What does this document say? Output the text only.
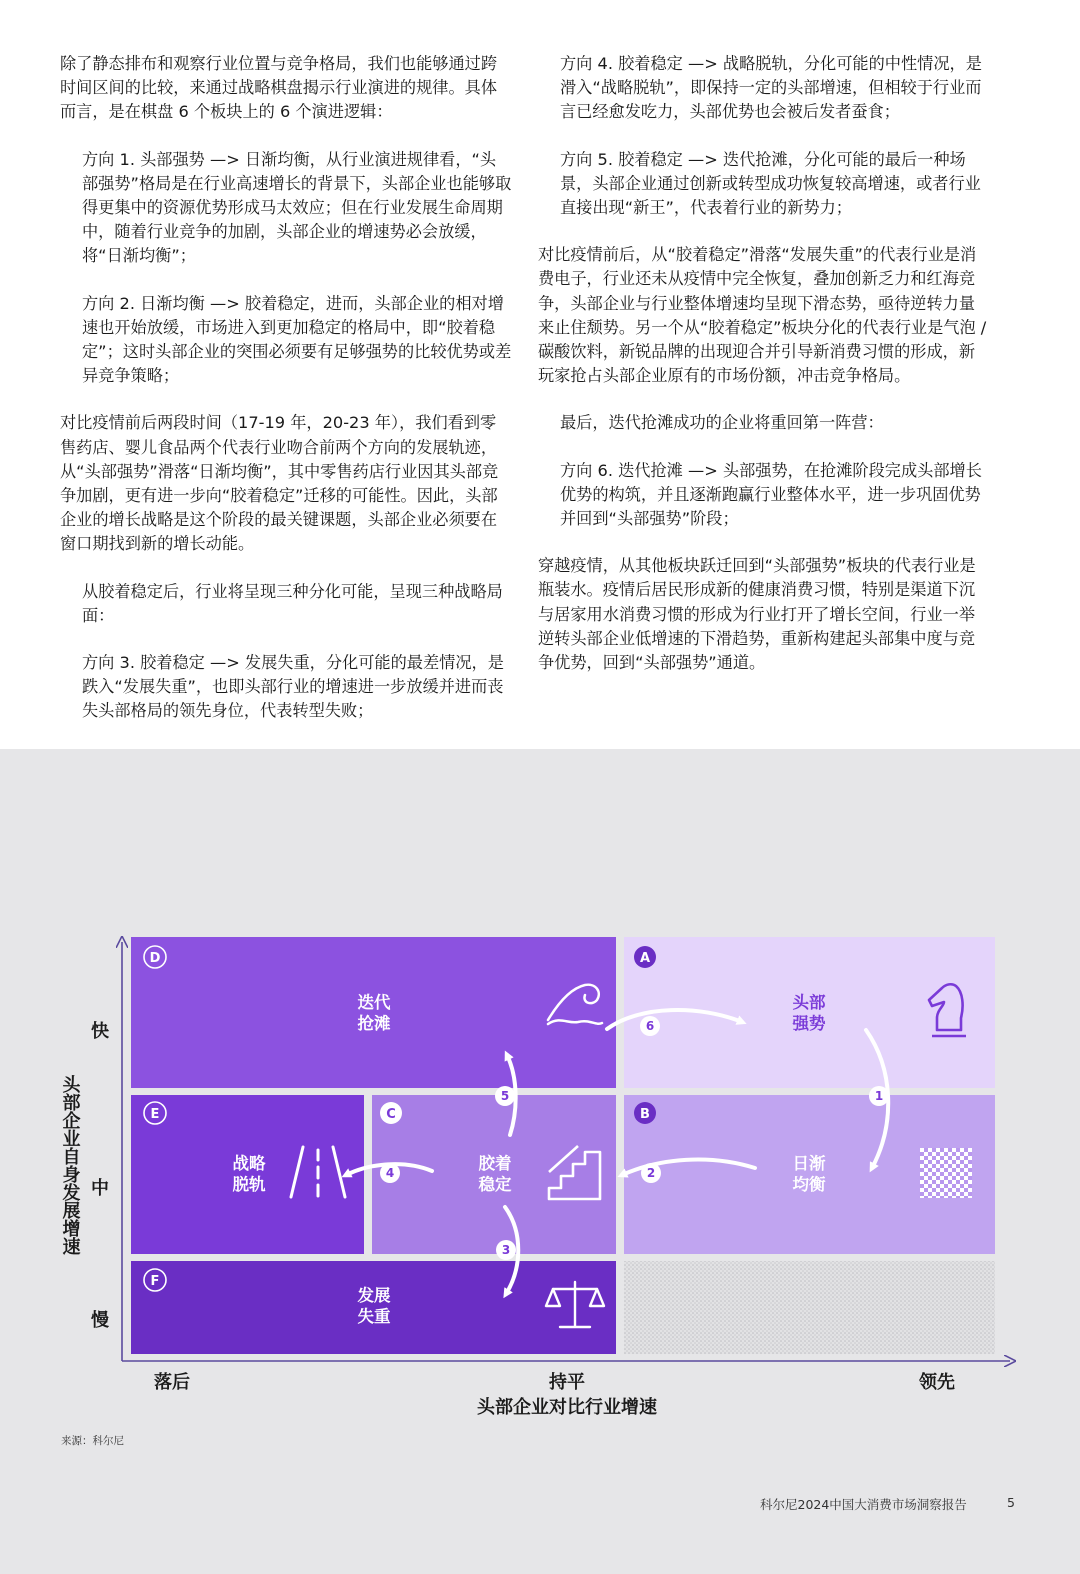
除了静态排布和观察行业位置与竞争格局，我们也能够通过跨时间区间的比较，来通过战略棋盘揭示行业演进的规律。具体而言，是在棋盘 6 个板块上的 6 个演进逻辑：

方向 1. 头部强势 —> 日渐均衡，从行业演进规律看，“头部强势”格局是在行业高速增长的背景下，头部企业也能够取得更集中的资源优势形成马太效应；但在行业发展生命周期中，随着行业竞争的加剧，头部企业的增速势必会放缓，将“日渐均衡”；

方向 2. 日渐均衡 —> 胶着稳定，进而，头部企业的相对增速也开始放缓，市场进入到更加稳定的格局中，即“胶着稳定”；这时头部企业的突围必须要有足够强势的比较优势或差异竞争策略；

对比疫情前后两段时间（17-19 年，20-23 年），我们看到零售药店、婴儿食品两个代表行业吻合前两个方向的发展轨迹，从“头部强势”滑落“日渐均衡”，其中零售药店行业因其头部竞争加剧，更有进一步向“胶着稳定”迁移的可能性。因此，头部企业的增长战略是这个阶段的最关键课题，头部企业必须要在窗口期找到新的增长动能。

从胶着稳定后，行业将呈现三种分化可能，呈现三种战略局面：

方向 3. 胶着稳定 —> 发展失重，分化可能的最差情况，是跌入“发展失重”，也即头部行业的增速进一步放缓并进而丧失头部格局的领先身位，代表转型失败；

方向 4. 胶着稳定 —> 战略脱轨，分化可能的中性情况，是滑入“战略脱轨”，即保持一定的头部增速，但相较于行业而言已经愈发吃力，头部优势也会被后发者蚕食；

方向 5. 胶着稳定 —> 迭代抢滩，分化可能的最后一种场景，头部企业通过创新或转型成功恢复较高增速，或者行业直接出现“新王”，代表着行业的新势力；

对比疫情前后，从“胶着稳定”滑落“发展失重”的代表行业是消费电子，行业还未从疫情中完全恢复，叠加创新乏力和红海竞争，头部企业与行业整体增速均呈现下滑态势，亟待逆转力量来止住颓势。另一个从“胶着稳定”板块分化的代表行业是气泡 / 碳酸饮料，新锐品牌的出现迎合并引导新消费习惯的形成，新玩家抢占头部企业原有的市场份额，冲击竞争格局。

最后，迭代抢滩成功的企业将重回第一阵营：

方向 6. 迭代抢滩 —> 头部强势，在抢滩阶段完成头部增长优势的构筑，并且逐渐跑赢行业整体水平，进一步巩固优势并回到“头部强势”阶段；

穿越疫情，从其他板块跃迁回到“头部强势”板块的代表行业是瓶装水。疫情后居民形成新的健康消费习惯，特别是渠道下沉与居家用水消费习惯的形成为行业打开了增长空间，行业一举逆转头部企业低增速的下滑趋势，重新构建起头部集中度与竞争优势，回到“头部强势”通道。

头部企业自身发展增速
快
中
慢
落后	持平	领先
头部企业对比行业增速
D	A
E	C	B
F
迭代
抢滩
头部
强势
战略
脱轨
胶着
稳定
日渐
均衡
发展
失重
1
2
3
4
5
6
来源：科尔尼
科尔尼2024中国大消费市场洞察报告	5
